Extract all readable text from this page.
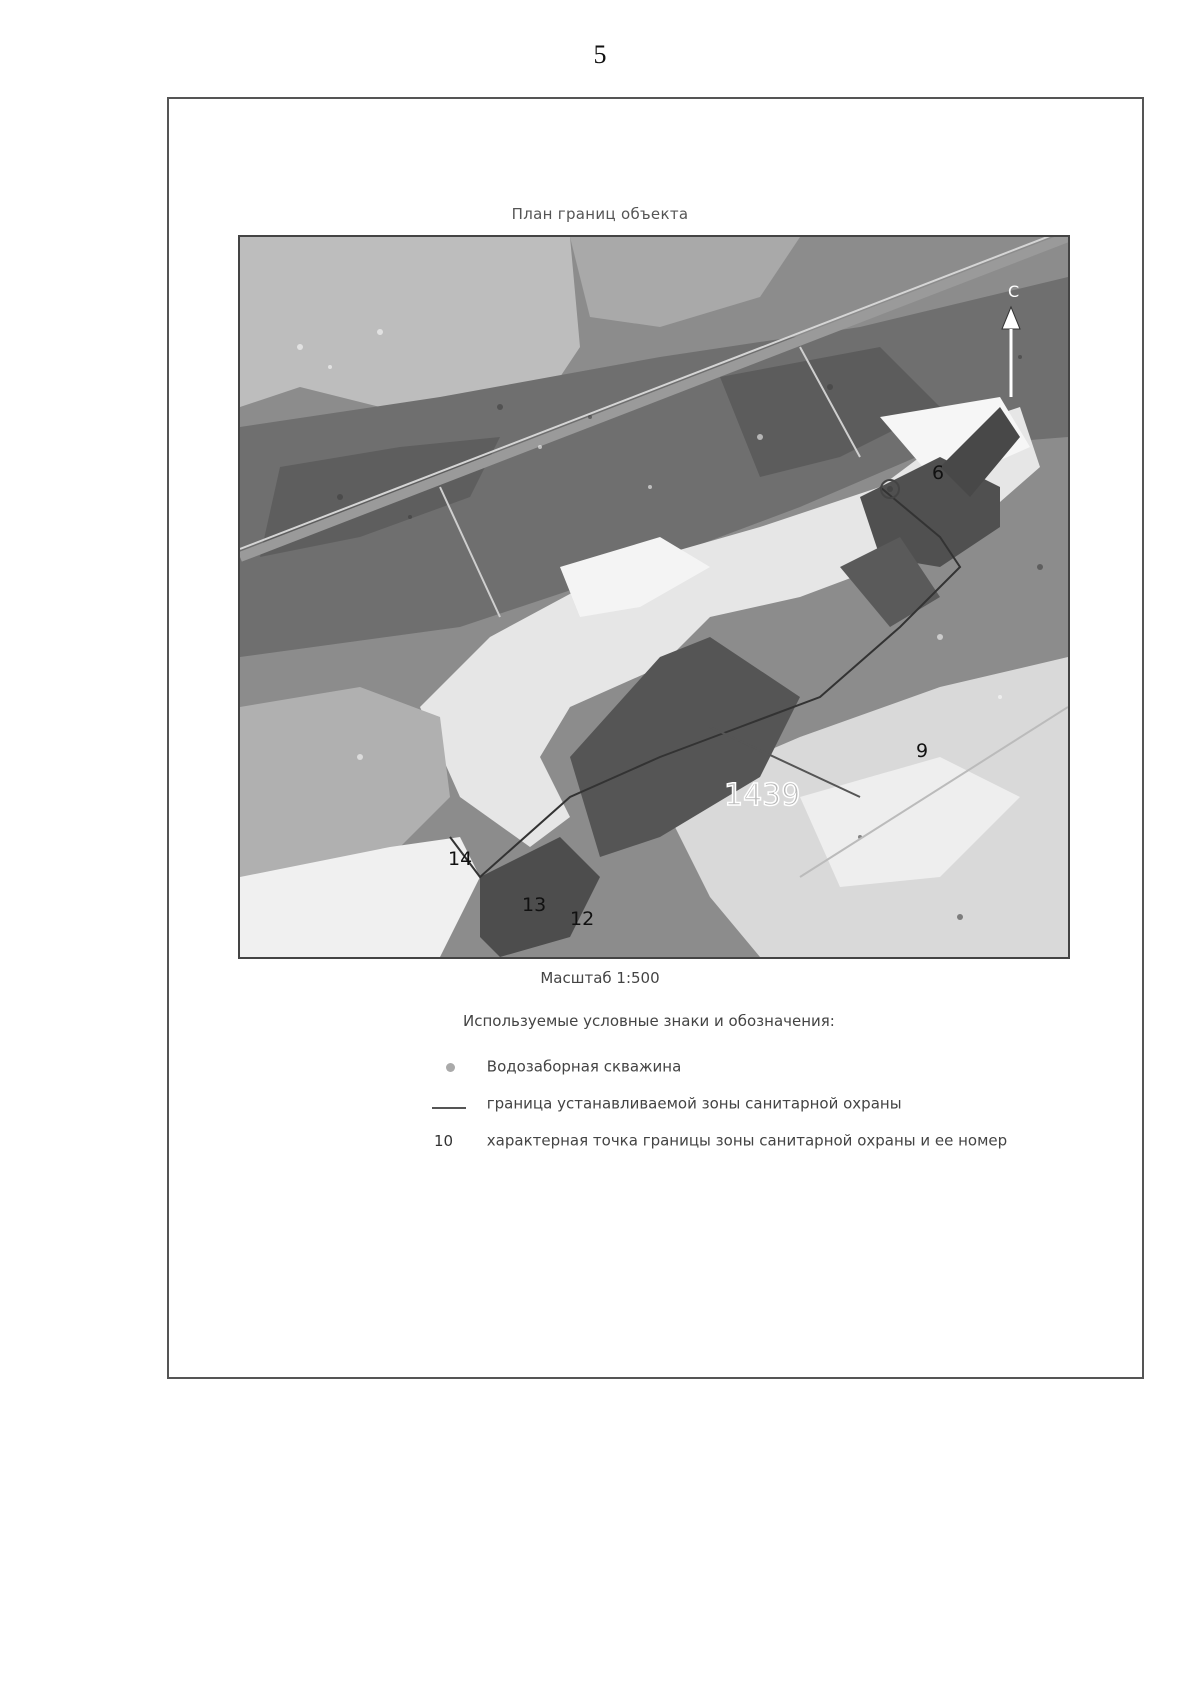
5
План границ объекта
С
1439
6
9
12
13
14
Масштаб 1:500
Используемые условные знаки и обозначения:
Водозаборная скважина
граница устанавливаемой зоны санитарной охраны
10 характерная точка границы зоны санитарной охраны и ее номер
